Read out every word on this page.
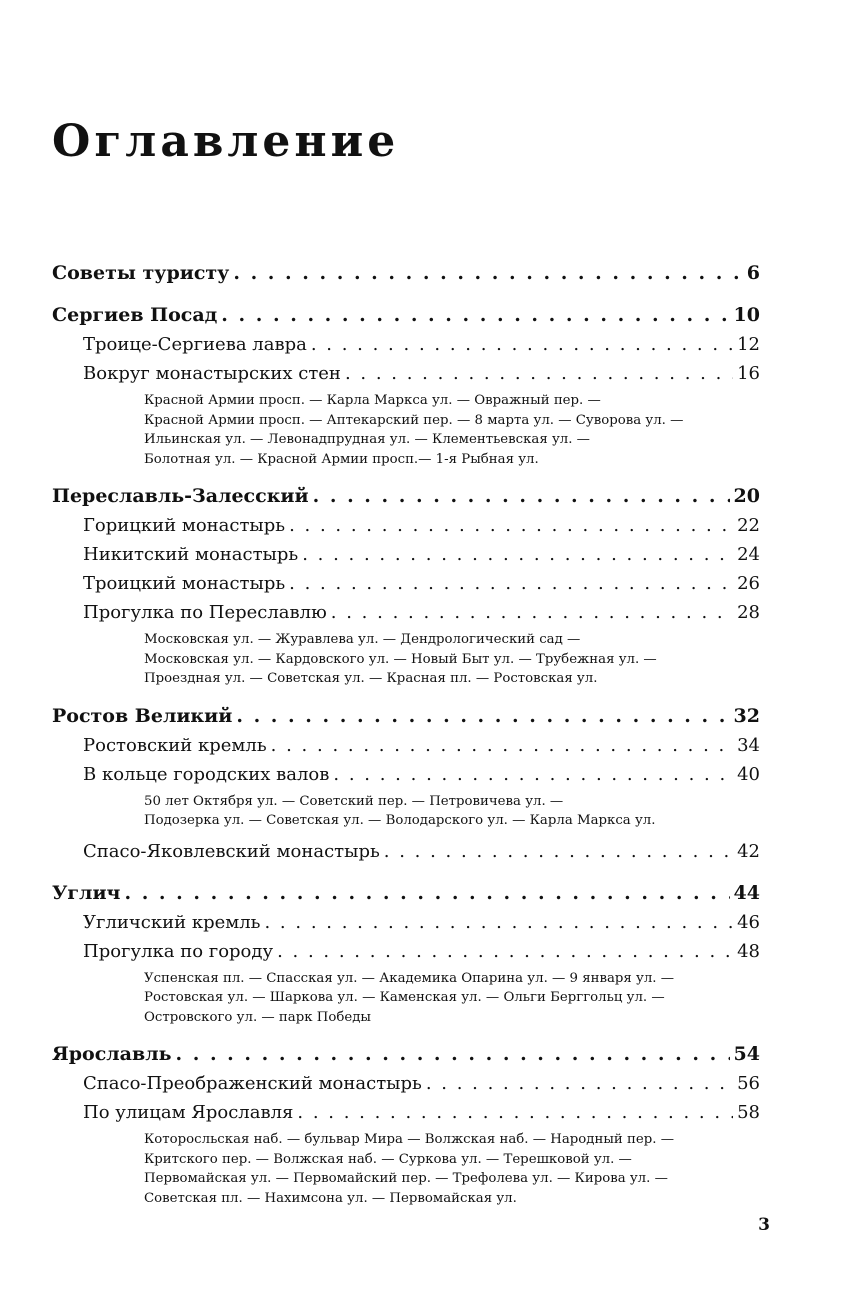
Оглавление
Советы туристу . . .	6
Сергиев Посад . . .	10
Троице-Сергиева лавра . . .	12
Вокруг монастырских стен . . .	16
Красной Армии просп. — Карла Маркса ул. — Овражный пер. —
Красной Армии просп. — Аптекарский пер. — 8 марта ул. — Суворова ул. —
Ильинская ул. — Левонадпрудная ул. — Клементьевская ул. —
Болотная ул. — Красной Армии просп.— 1-я Рыбная ул.
Переславль-Залесский . . .	20
Горицкий монастырь . . .	22
Никитский монастырь . . .	24
Троицкий монастырь . . .	26
Прогулка по Переславлю . . .	28
Московская ул. — Журавлева ул. — Дендрологический сад —
Московская ул. — Кардовского ул. — Новый Быт ул. — Трубежная ул. —
Проездная ул. — Советская ул. — Красная пл. — Ростовская ул.
Ростов Великий . . .	32
Ростовский кремль . . .	34
В кольце городских валов . . .	40
50 лет Октября ул. — Советский пер. — Петровичева ул. —
Подозерка ул. — Советская ул. — Володарского ул. — Карла Маркса ул.
Спасо-Яковлевский монастырь . . .	42
Углич . . .	44
Угличский кремль . . .	46
Прогулка по городу . . .	48
Успенская пл. — Спасская ул. — Академика Опарина ул. — 9 января ул. —
Ростовская ул. — Шаркова ул. — Каменская ул. — Ольги Берггольц ул. —
Островского ул. — парк Победы
Ярославль . . .	54
Спасо-Преображенский монастырь . . .	56
По улицам Ярославля . . .	58
Которосльская наб. — бульвар Мира — Волжская наб. — Народный пер. —
Критского пер. — Волжская наб. — Суркова ул. — Терешковой ул. —
Первомайская ул. — Первомайский пер. — Трефолева ул. — Кирова ул. —
Советская пл. — Нахимсона ул. — Первомайская ул.
3
